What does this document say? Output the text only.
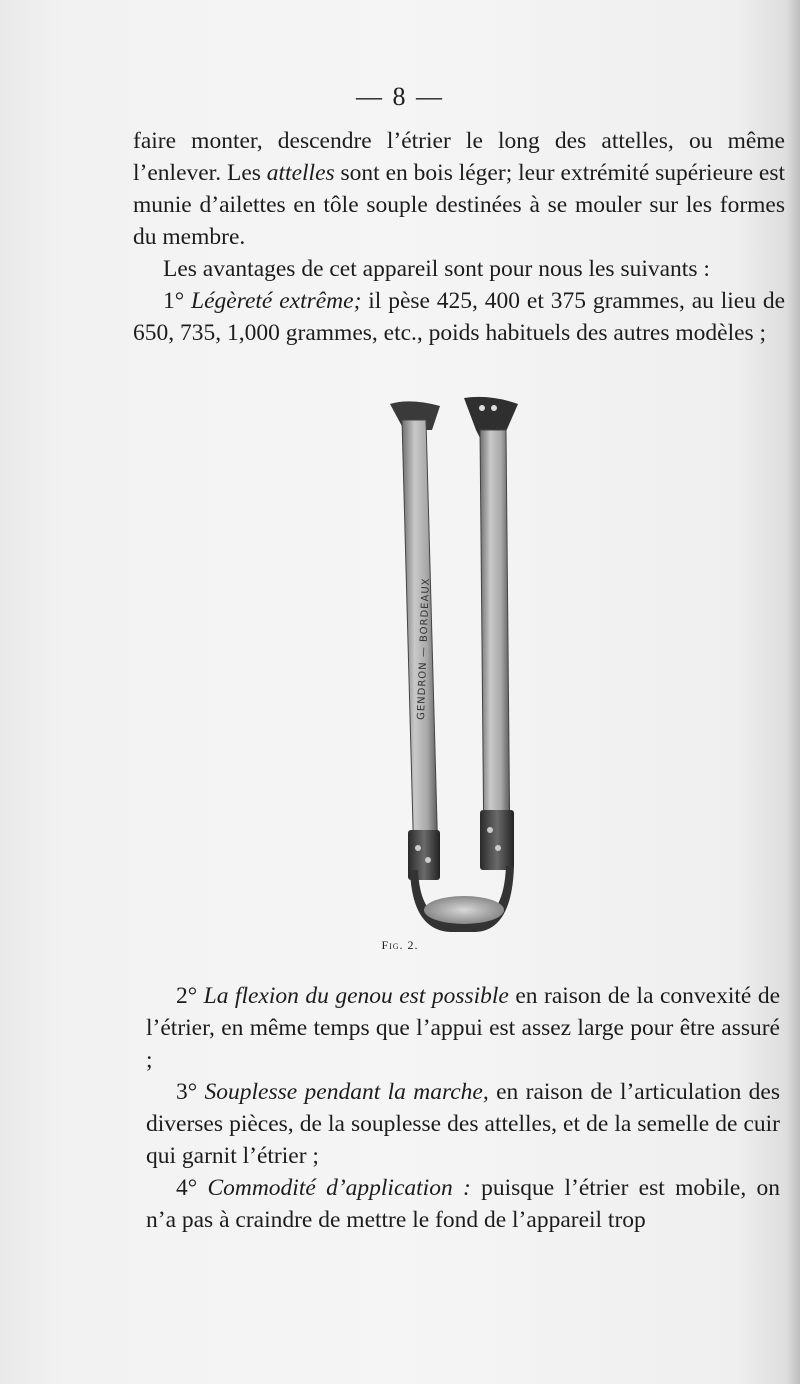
— 8 —

faire monter, descendre l’étrier le long des attelles, ou même l’enlever. Les attelles sont en bois léger; leur extrémité supérieure est munie d’ailettes en tôle souple destinées à se mouler sur les formes du membre.

Les avantages de cet appareil sont pour nous les suivants :

1° Légèreté extrême; il pèse 425, 400 et 375 grammes, au lieu de 650, 735, 1,000 grammes, etc., poids habituels des autres modèles ;

GENDRON — BORDEAUX
Fig. 2.

2° La flexion du genou est possible en raison de la convexité de l’étrier, en même temps que l’appui est assez large pour être assuré ;

3° Souplesse pendant la marche, en raison de l’articulation des diverses pièces, de la souplesse des attelles, et de la semelle de cuir qui garnit l’étrier ;

4° Commodité d’application : puisque l’étrier est mobile, on n’a pas à craindre de mettre le fond de l’appareil trop
